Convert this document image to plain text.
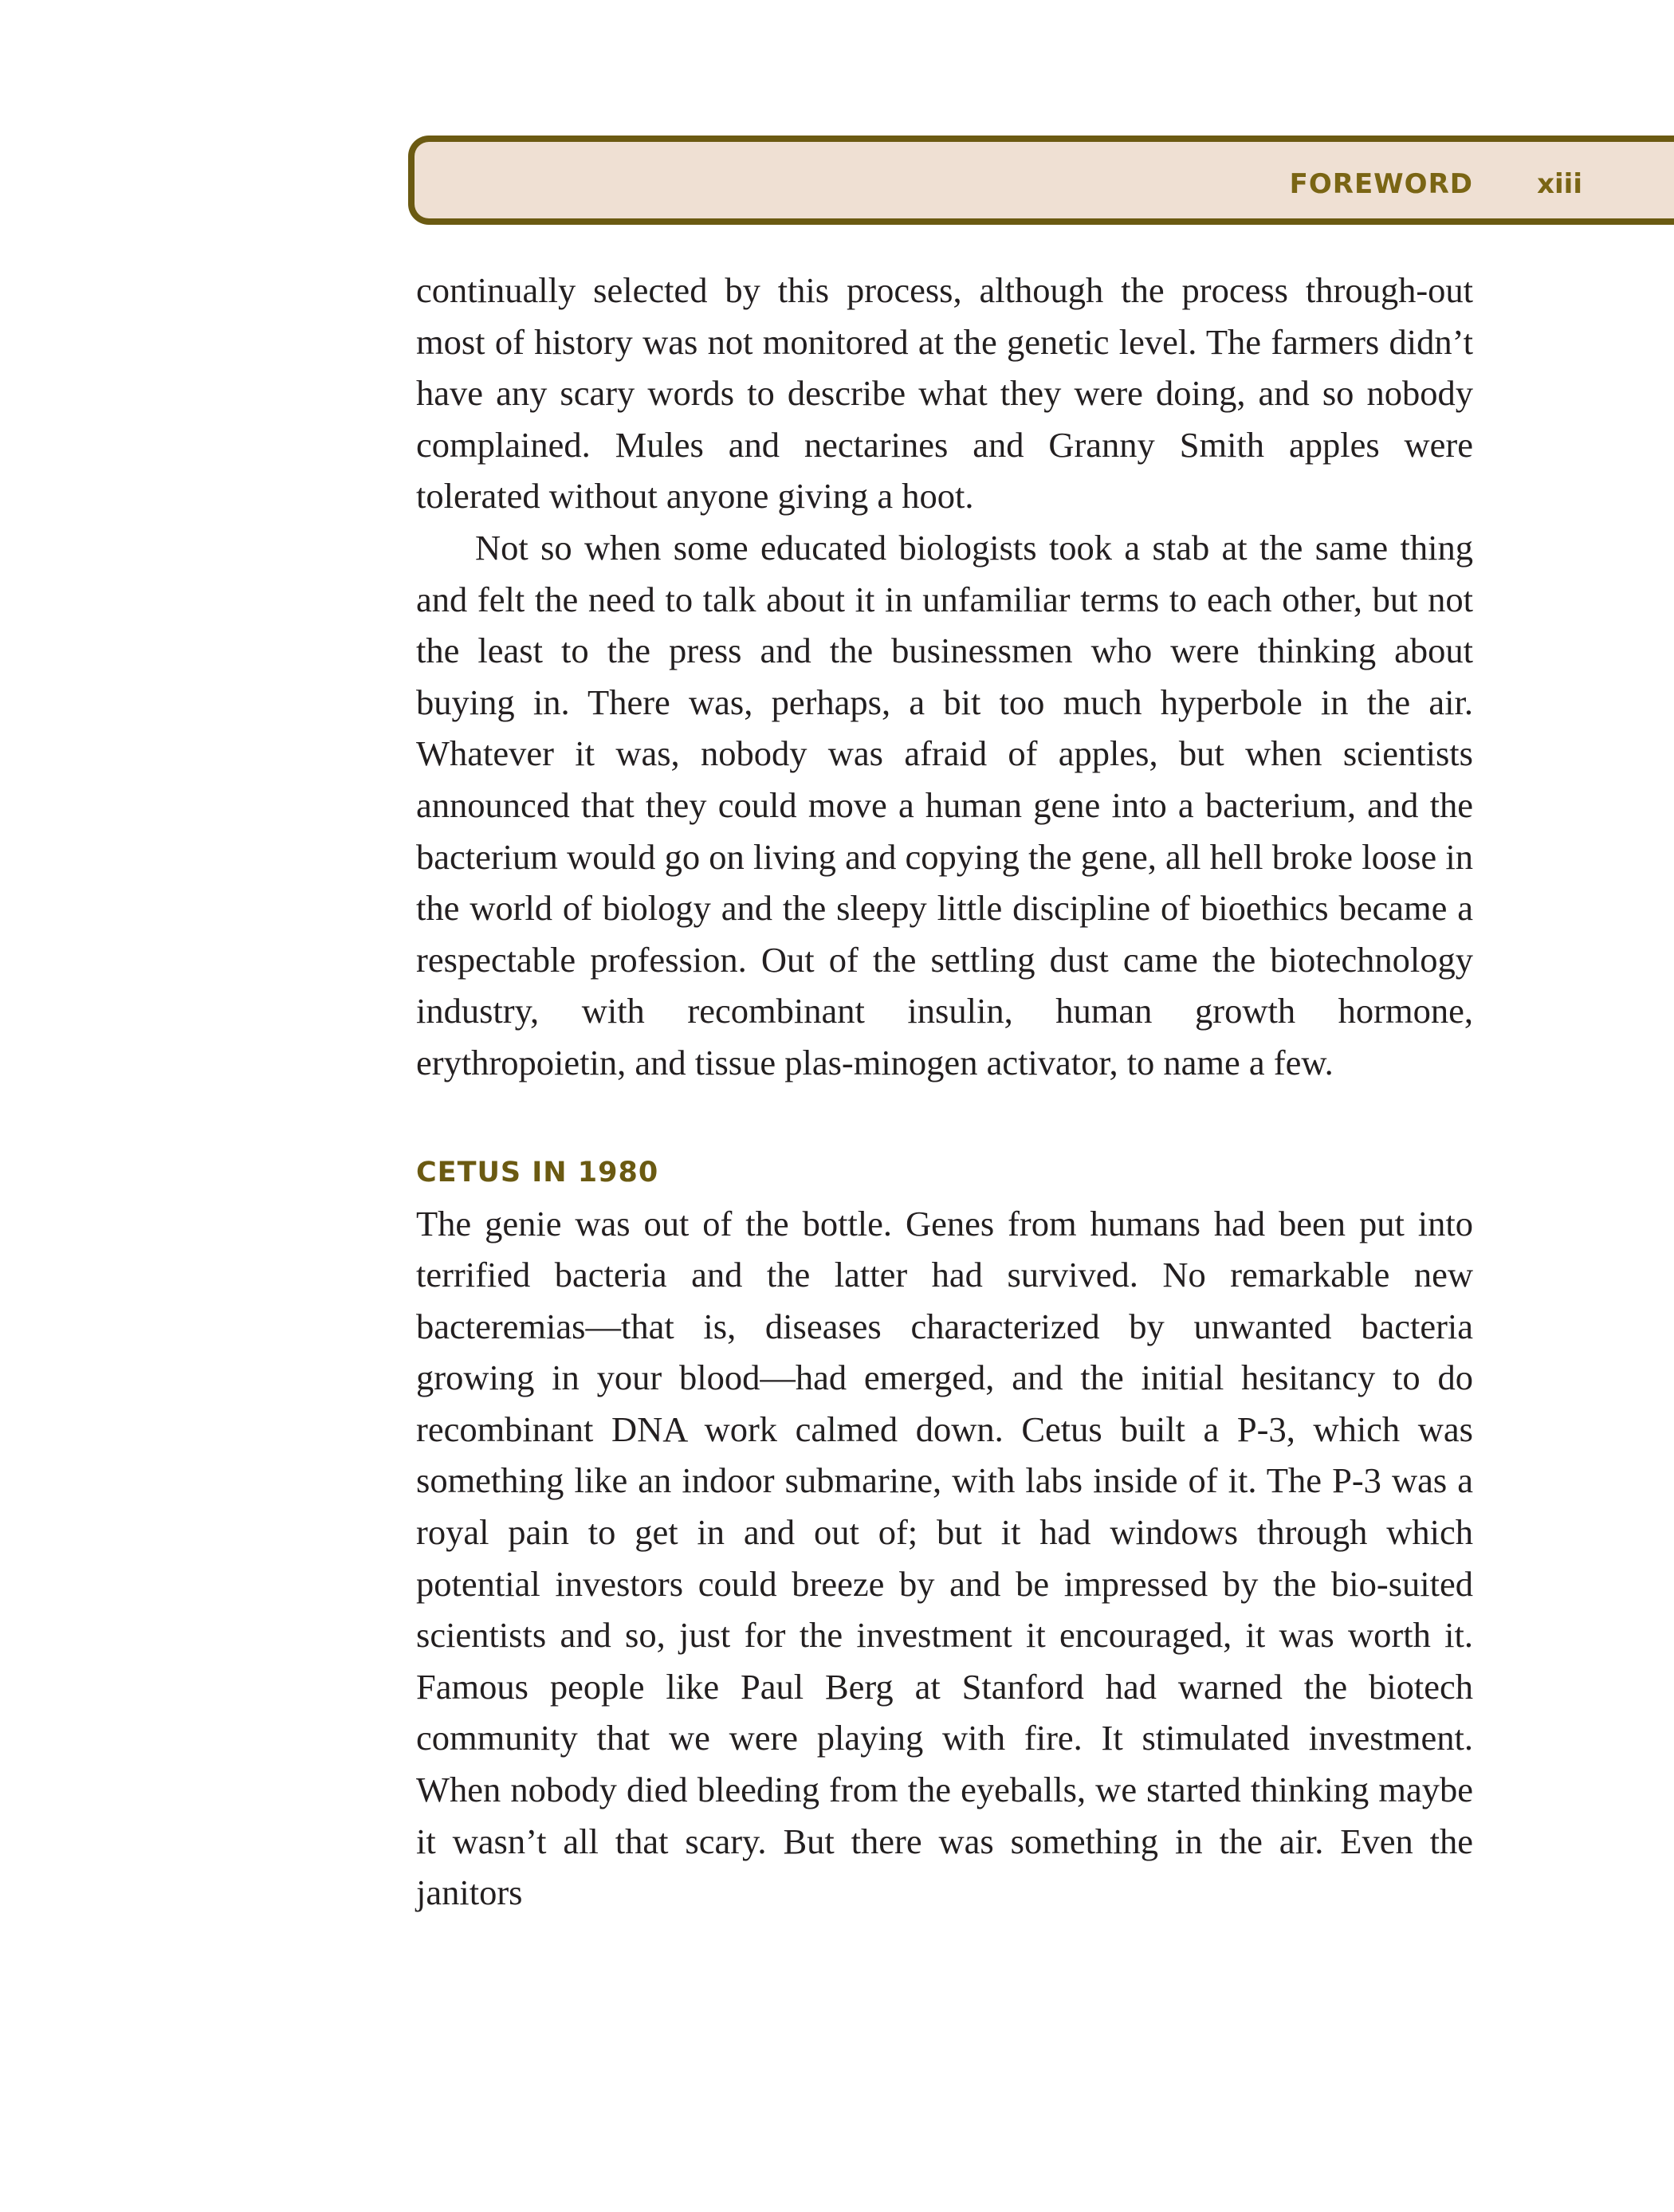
FOREWORD xiii

continually selected by this process, although the process through-out most of history was not monitored at the genetic level. The farmers didn’t have any scary words to describe what they were doing, and so nobody complained. Mules and nectarines and Granny Smith apples were tolerated without anyone giving a hoot.

Not so when some educated biologists took a stab at the same thing and felt the need to talk about it in unfamiliar terms to each other, but not the least to the press and the businessmen who were thinking about buying in. There was, perhaps, a bit too much hyperbole in the air. Whatever it was, nobody was afraid of apples, but when scientists announced that they could move a human gene into a bacterium, and the bacterium would go on living and copying the gene, all hell broke loose in the world of biology and the sleepy little discipline of bioethics became a respectable profession. Out of the settling dust came the biotechnology industry, with recombinant insulin, human growth hormone, erythropoietin, and tissue plas-minogen activator, to name a few.

CETUS IN 1980

The genie was out of the bottle. Genes from humans had been put into terrified bacteria and the latter had survived. No remarkable new bacteremias—that is, diseases characterized by unwanted bacteria growing in your blood—had emerged, and the initial hesitancy to do recombinant DNA work calmed down. Cetus built a P-3, which was something like an indoor submarine, with labs inside of it. The P-3 was a royal pain to get in and out of; but it had windows through which potential investors could breeze by and be impressed by the bio-suited scientists and so, just for the investment it encouraged, it was worth it. Famous people like Paul Berg at Stanford had warned the biotech community that we were playing with fire. It stimulated investment. When nobody died bleeding from the eyeballs, we started thinking maybe it wasn’t all that scary. But there was something in the air. Even the janitors
